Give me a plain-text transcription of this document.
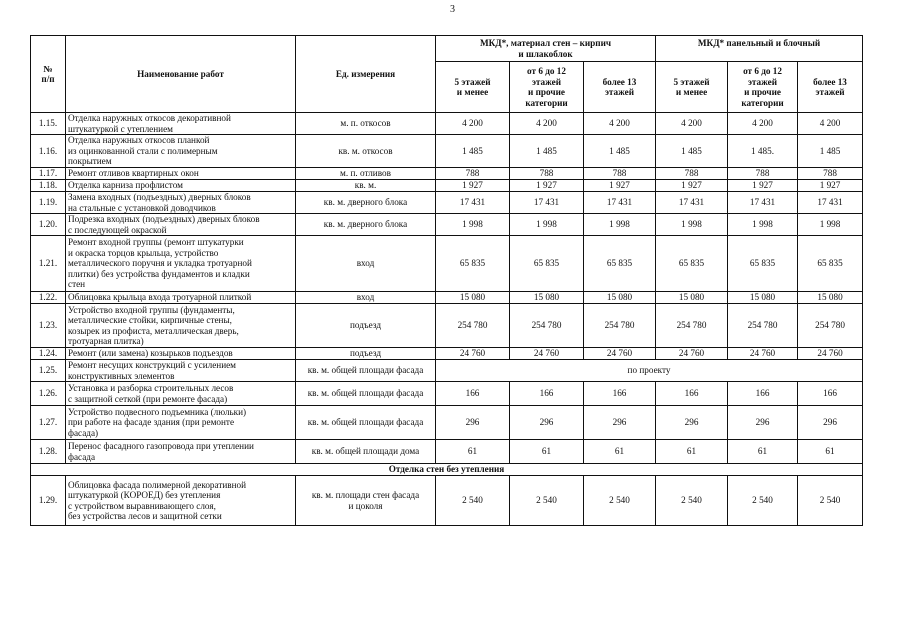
3
№
п/п	Наименование работ	Ед. измерения	МКД*, материал стен – кирпич
и шлакоблок			МКД* панельный и блочный		
			5 этажей
и менее	от 6 до 12
этажей
и прочие
категории	более 13
этажей	5 этажей
и менее	от 6 до 12
этажей
и прочие
категории	более 13
этажей
1.15.	Отделка наружных откосов декоративной
штукатуркой с утеплением	м. п. откосов	4 200	4 200	4 200	4 200	4 200	4 200
1.16.	Отделка наружных откосов планкой
из оцинкованной стали с полимерным
покрытием	кв. м. откосов	1 485	1 485	1 485	1 485	1 485.	1 485
1.17.	Ремонт отливов квартирных окон	м. п. отливов	788	788	788	788	788	788
1.18.	Отделка карниза профлистом	кв. м.	1 927	1 927	1 927	1 927	1 927	1 927
1.19.	Замена входных (подъездных) дверных блоков
на стальные с установкой доводчиков	кв. м. дверного блока	17 431	17 431	17 431	17 431	17 431	17 431
1.20.	Подрезка входных (подъездных) дверных блоков
с последующей окраской	кв. м. дверного блока	1 998	1 998	1 998	1 998	1 998	1 998
1.21.	Ремонт входной группы (ремонт штукатурки
и окраска торцов крыльца, устройство
металлического поручня и укладка тротуарной
плитки) без устройства фундаментов и кладки
стен	вход	65 835	65 835	65 835	65 835	65 835	65 835
1.22.	Облицовка крыльца входа тротуарной плиткой	вход	15 080	15 080	15 080	15 080	15 080	15 080
1.23.	Устройство входной группы (фундаменты,
металлические стойки, кирпичные стены,
козырек из профиста, металлическая дверь,
тротуарная плитка)	подъезд	254 780	254 780	254 780	254 780	254 780	254 780
1.24.	Ремонт (или замена) козырьков подъездов	подъезд	24 760	24 760	24 760	24 760	24 760	24 760
1.25.	Ремонт несущих конструкций с усилением
конструктивных элементов	кв. м. общей площади фасада	по проекту					
1.26.	Установка и разборка строительных лесов
с защитной сеткой (при ремонте фасада)	кв. м. общей площади фасада	166	166	166	166	166	166
1.27.	Устройство подвесного подъемника (люльки)
при работе на фасаде здания (при ремонте
фасада)	кв. м. общей площади фасада	296	296	296	296	296	296
1.28.	Перенос фасадного газопровода при утеплении
фасада	кв. м. общей площади дома	61	61	61	61	61	61
Отделка стен без утепления								
1.29.	Облицовка фасада полимерной декоративной
штукатуркой (КОРОЕД) без утепления
с устройством выравнивающего слоя,
без устройства лесов и защитной сетки	кв. м. площади стен фасада
и цоколя	2 540	2 540	2 540	2 540	2 540	2 540
